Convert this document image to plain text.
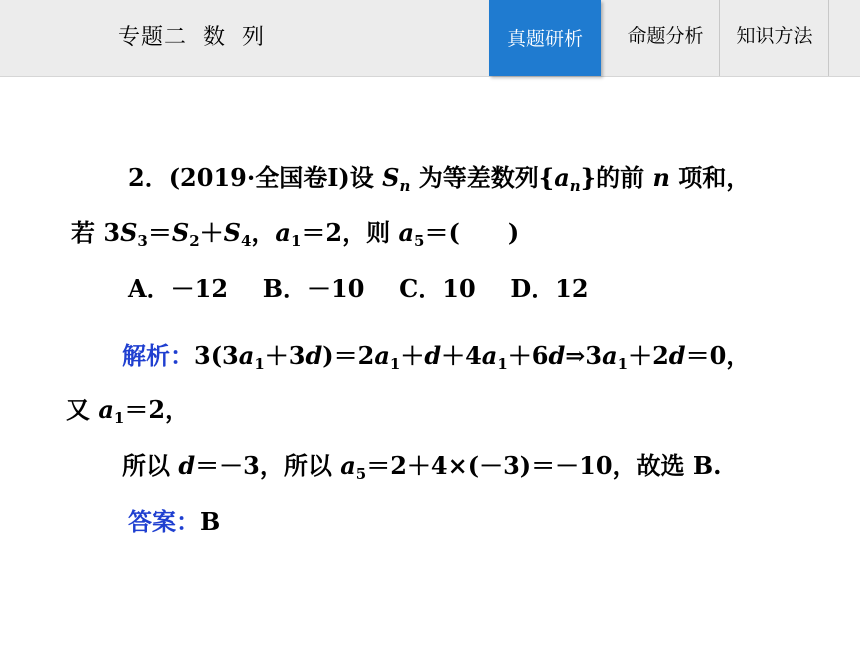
专题二  数  列	真题研析	命题分析	知识方法
2．(2019·全国卷Ⅰ)设 $S_n$ 为等差数列$\{a_n\}$的前 n 项和，
若 $3S_3=S_2+S_4$，$a_1=2$，则 $a_5=$(　　)
A．－12 B．－10 C．10 D．12
解析：$3(3a_1+3d)=2a_1+d+4a_1+6d\Rightarrow 3a_1+2d=0$，
又 $a_1=2$，
所以 d＝－3，所以 $a_5=2+4\times(-3)=-10$，故选 B.
答案：B
